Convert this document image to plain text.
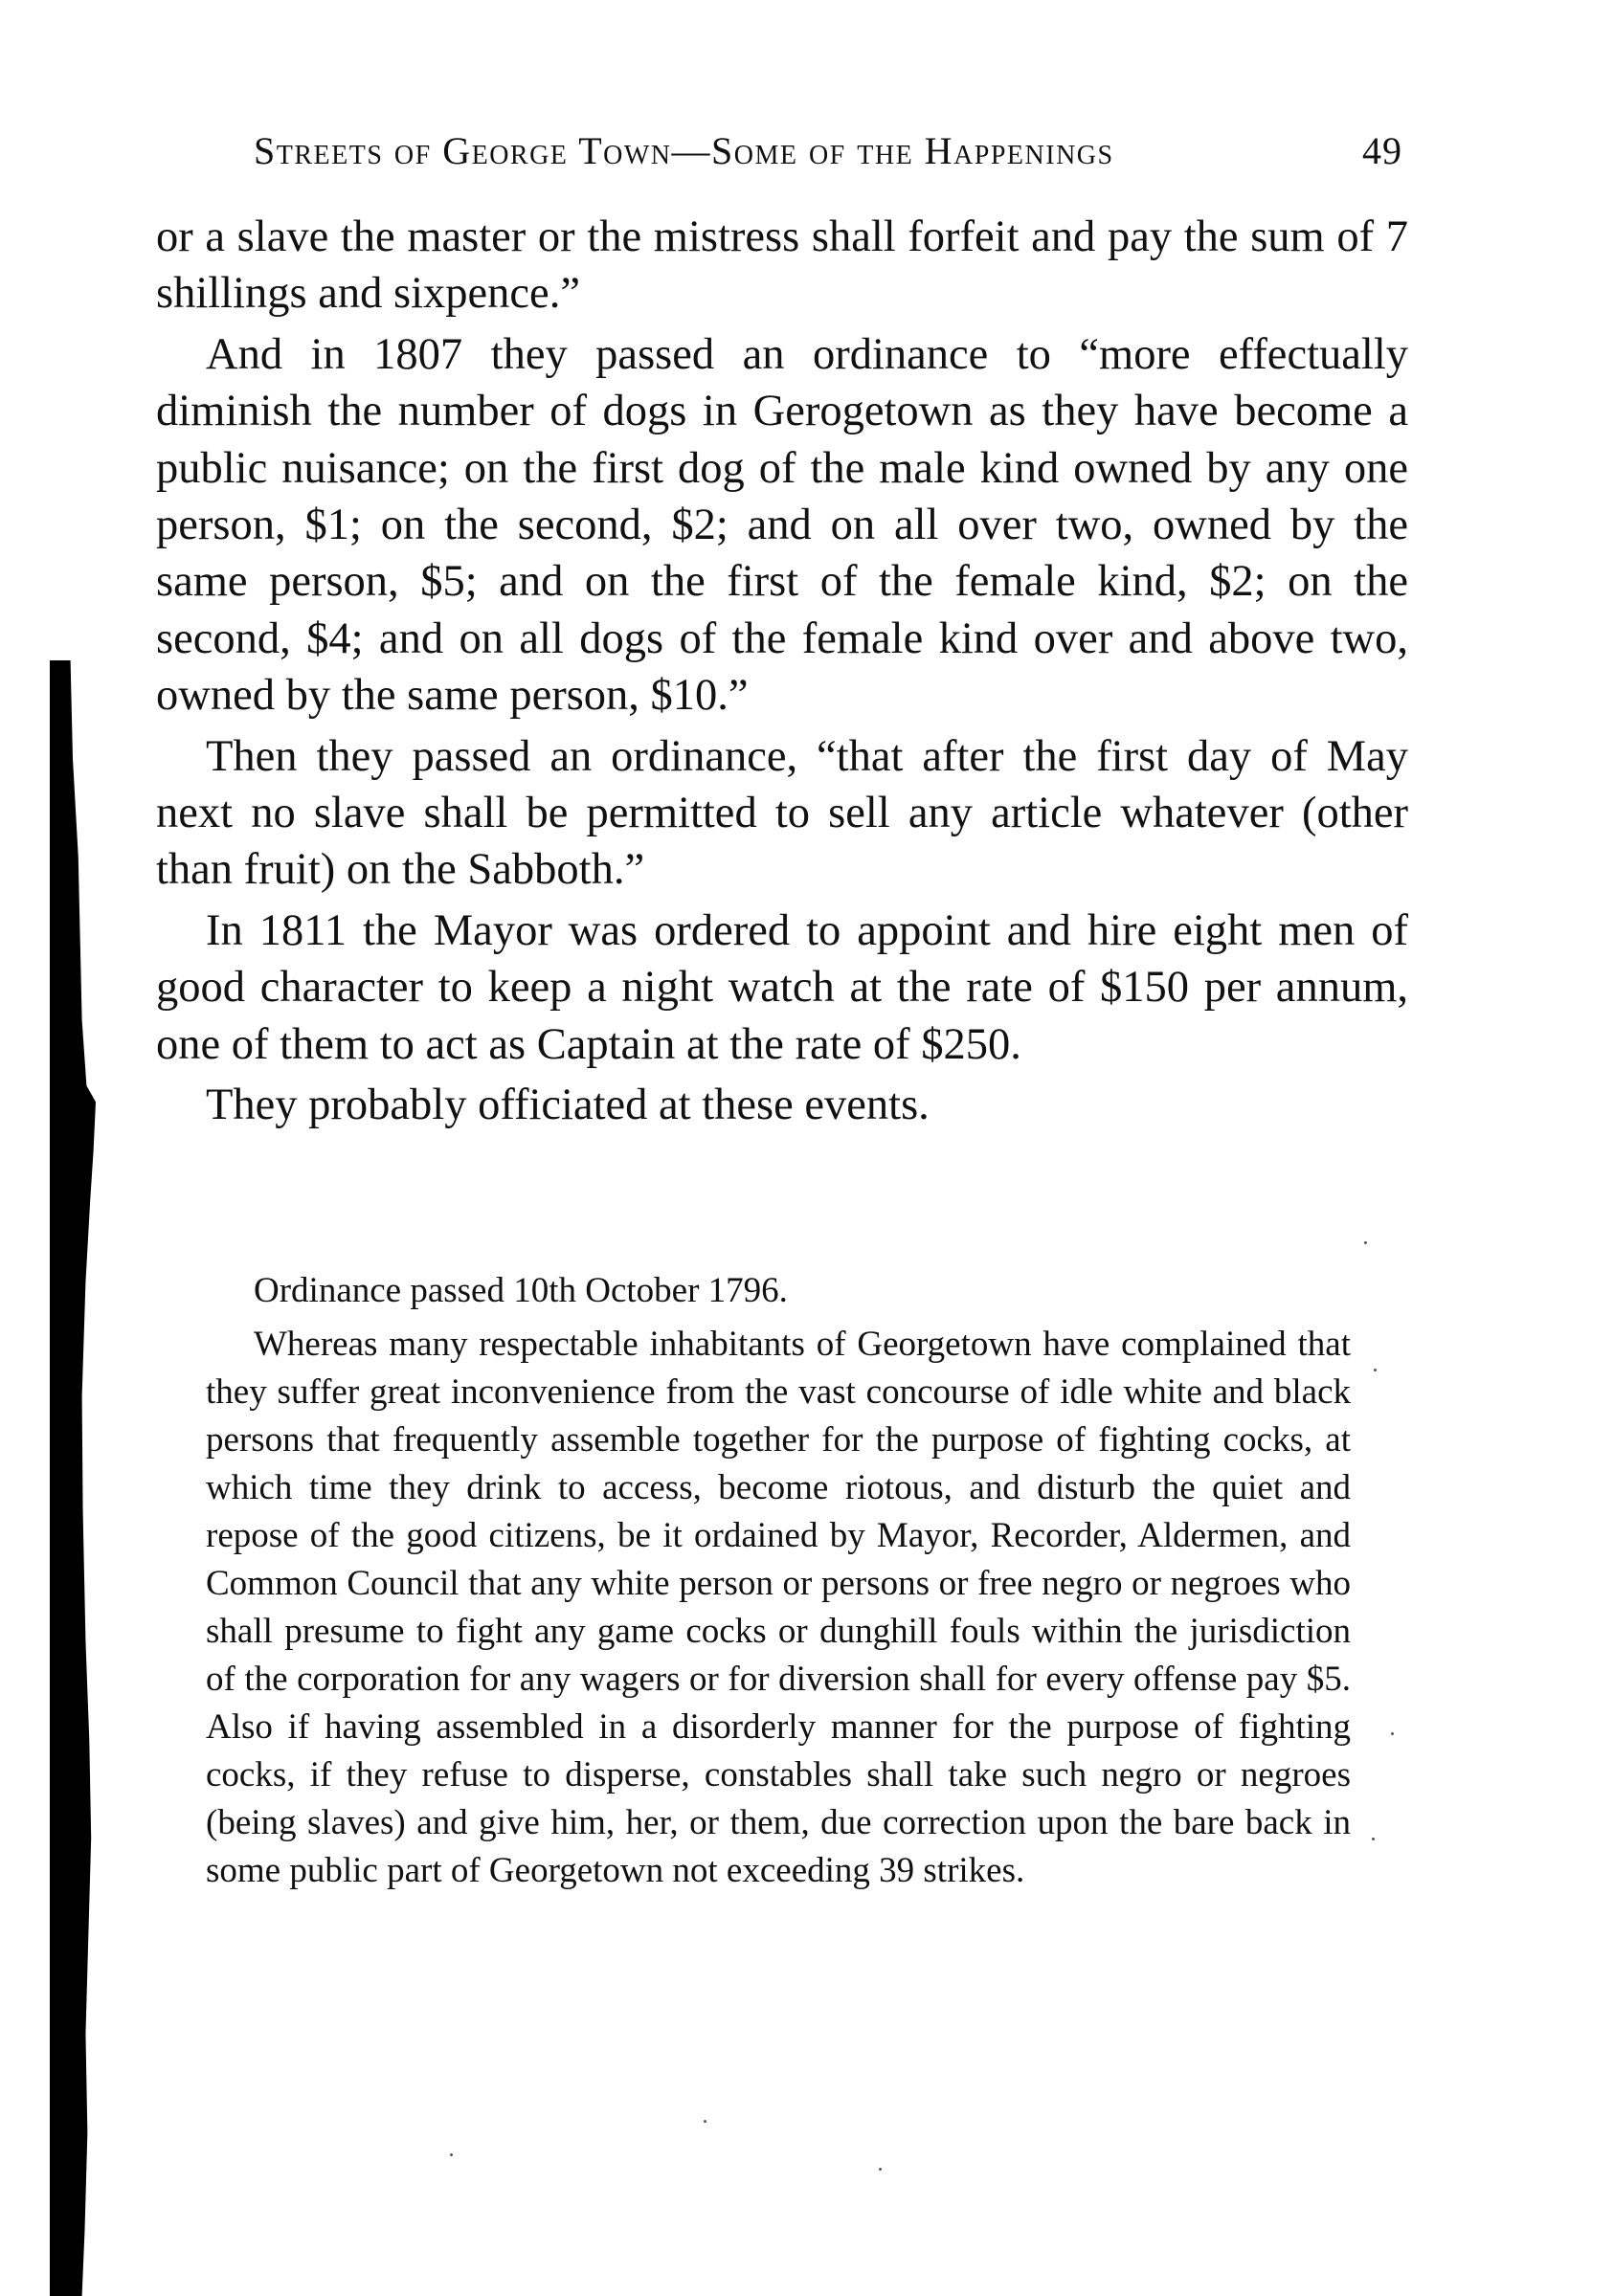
Streets of George Town—Some of the Happenings	49

or a slave the master or the mistress shall forfeit and pay the sum of 7 shillings and sixpence.”

And in 1807 they passed an ordinance to “more effectually diminish the number of dogs in Gerogetown as they have become a public nuisance; on the first dog of the male kind owned by any one person, $1; on the second, $2; and on all over two, owned by the same person, $5; and on the first of the female kind, $2; on the second, $4; and on all dogs of the female kind over and above two, owned by the same person, $10.”

Then they passed an ordinance, “that after the first day of May next no slave shall be permitted to sell any article whatever (other than fruit) on the Sabboth.”

In 1811 the Mayor was ordered to appoint and hire eight men of good character to keep a night watch at the rate of $150 per annum, one of them to act as Captain at the rate of $250.

They probably officiated at these events.

Ordinance passed 10th October 1796.

Whereas many respectable inhabitants of Georgetown have complained that they suffer great inconvenience from the vast concourse of idle white and black persons that frequently assemble together for the purpose of fighting cocks, at which time they drink to access, become riotous, and disturb the quiet and repose of the good citizens, be it ordained by Mayor, Recorder, Aldermen, and Common Council that any white person or persons or free negro or negroes who shall presume to fight any game cocks or dunghill fouls within the jurisdiction of the corporation for any wagers or for diversion shall for every offense pay $5. Also if having assembled in a disorderly manner for the purpose of fighting cocks, if they refuse to disperse, constables shall take such negro or negroes (being slaves) and give him, her, or them, due correction upon the bare back in some public part of Georgetown not exceeding 39 strikes.
